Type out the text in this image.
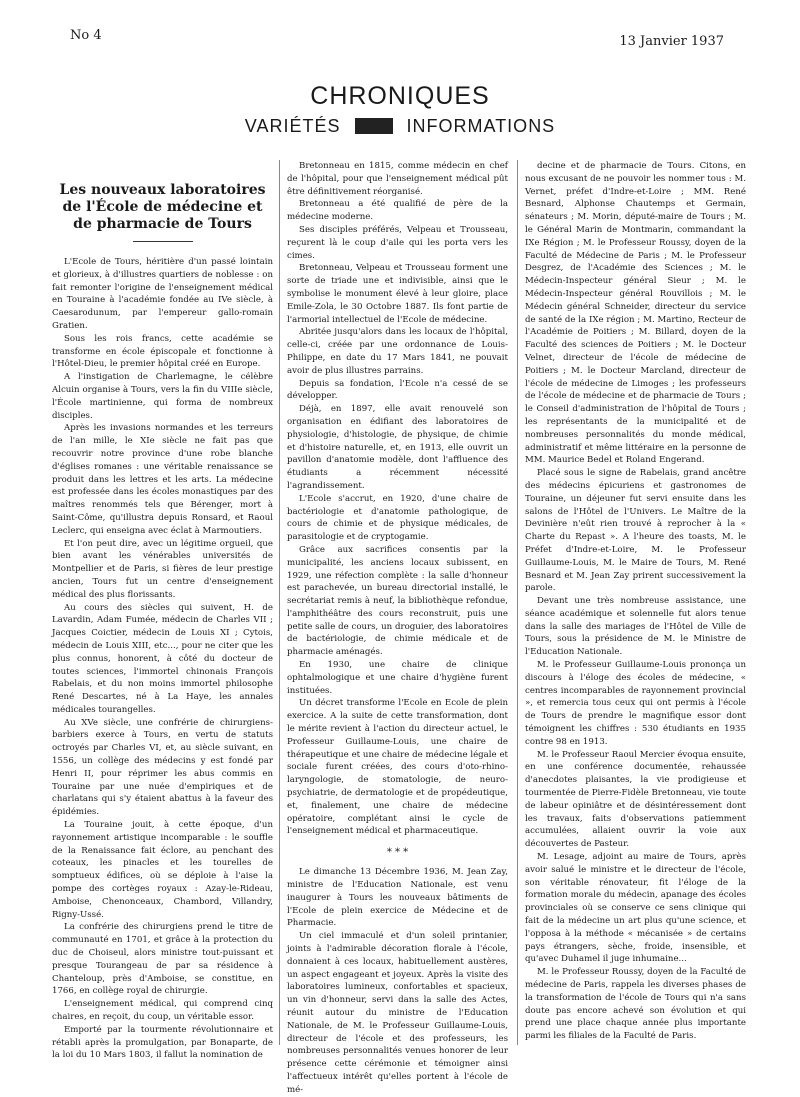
No 4	13 Janvier 1937
CHRONIQUES
VARIÉTÉS	INFORMATIONS
Les nouveaux laboratoires de l'École de médecine et de pharmacie de Tours

L'Ecole de Tours, héritière d'un passé lointain et glorieux, à d'illustres quartiers de noblesse : on fait remonter l'origine de l'enseignement médical en Touraine à l'académie fondée au IVe siècle, à Caesarodunum, par l'empereur gallo-romain Gratien.

Sous les rois francs, cette académie se transforme en école épiscopale et fonctionne à l'Hôtel-Dieu, le premier hôpital créé en Europe.

A l'instigation de Charlemagne, le célèbre Alcuin organise à Tours, vers la fin du VIIIe siècle, l'École martinienne, qui forma de nombreux disciples.

Après les invasions normandes et les terreurs de l'an mille, le XIe siècle ne fait pas que recouvrir notre province d'une robe blanche d'églises romanes : une véritable renaissance se produit dans les lettres et les arts. La médecine est professée dans les écoles monastiques par des maîtres renommés tels que Bérenger, mort à Saint-Côme, qu'illustra depuis Ronsard, et Raoul Leclerc, qui enseigna avec éclat à Marmoutiers.

Et l'on peut dire, avec un légitime orgueil, que bien avant les vénérables universités de Montpellier et de Paris, si fières de leur prestige ancien, Tours fut un centre d'enseignement médical des plus florissants.

Au cours des siècles qui suivent, H. de Lavardin, Adam Fumée, médecin de Charles VII ; Jacques Coictier, médecin de Louis XI ; Cytois, médecin de Louis XIII, etc..., pour ne citer que les plus connus, honorent, à côté du docteur de toutes sciences, l'immortel chinonais François Rabelais, et du non moins immortel philosophe René Descartes, né à La Haye, les annales médicales tourangelles.

Au XVe siècle, une confrérie de chirurgiens-barbiers exerce à Tours, en vertu de statuts octroyés par Charles VI, et, au siècle suivant, en 1556, un collège des médecins y est fondé par Henri II, pour réprimer les abus commis en Touraine par une nuée d'empiriques et de charlatans qui s'y étaient abattus à la faveur des épidémies.

La Touraine jouit, à cette époque, d'un rayonnement artistique incomparable : le souffle de la Renaissance fait éclore, au penchant des coteaux, les pinacles et les tourelles de somptueux édifices, où se déploie à l'aise la pompe des cortèges royaux : Azay-le-Rideau, Amboise, Chenonceaux, Chambord, Villandry, Rigny-Ussé.

La confrérie des chirurgiens prend le titre de communauté en 1701, et grâce à la protection du duc de Choiseul, alors ministre tout-puissant et presque Tourangeau de par sa résidence à Chanteloup, près d'Amboise, se constitue, en 1766, en collège royal de chirurgie.

L'enseignement médical, qui comprend cinq chaires, en reçoit, du coup, un véritable essor.

Emporté par la tourmente révolutionnaire et rétabli après la promulgation, par Bonaparte, de la loi du 10 Mars 1803, il fallut la nomination de

Bretonneau en 1815, comme médecin en chef de l'hôpital, pour que l'enseignement médical pût être définitivement réorganisé.

Bretonneau a été qualifié de père de la médecine moderne.

Ses disciples préférés, Velpeau et Trousseau, reçurent là le coup d'aile qui les porta vers les cimes.

Bretonneau, Velpeau et Trousseau forment une sorte de triade une et indivisible, ainsi que le symbolise le monument élevé à leur gloire, place Emile-Zola, le 30 Octobre 1887. Ils font partie de l'armorial intellectuel de l'Ecole de médecine.

Abritée jusqu'alors dans les locaux de l'hôpital, celle-ci, créée par une ordonnance de Louis-Philippe, en date du 17 Mars 1841, ne pouvait avoir de plus illustres parrains.

Depuis sa fondation, l'Ecole n'a cessé de se développer.

Déjà, en 1897, elle avait renouvelé son organisation en édifiant des laboratoires de physiologie, d'histologie, de physique, de chimie et d'histoire naturelle, et, en 1913, elle ouvrit un pavillon d'anatomie modèle, dont l'affluence des étudiants a récemment nécessité l'agrandissement.

L'Ecole s'accrut, en 1920, d'une chaire de bactériologie et d'anatomie pathologique, de cours de chimie et de physique médicales, de parasitologie et de cryptogamie.

Grâce aux sacrifices consentis par la municipalité, les anciens locaux subissent, en 1929, une réfection complète : la salle d'honneur est parachevée, un bureau directorial installé, le secrétariat remis à neuf, la bibliothèque refondue, l'amphithéâtre des cours reconstruit, puis une petite salle de cours, un droguier, des laboratoires de bactériologie, de chimie médicale et de pharmacie aménagés.

En 1930, une chaire de clinique ophtalmologique et une chaire d'hygiène furent instituées.

Un décret transforme l'Ecole en Ecole de plein exercice. A la suite de cette transformation, dont le mérite revient à l'action du directeur actuel, le Professeur Guillaume-Louis, une chaire de thérapeutique et une chaire de médecine légale et sociale furent créées, des cours d'oto-rhino-laryngologie, de stomatologie, de neuro-psychiatrie, de dermatologie et de propédeutique, et, finalement, une chaire de médecine opératoire, complétant ainsi le cycle de l'enseignement médical et pharmaceutique.

* * *

Le dimanche 13 Décembre 1936, M. Jean Zay, ministre de l'Education Nationale, est venu inaugurer à Tours les nouveaux bâtiments de l'Ecole de plein exercice de Médecine et de Pharmacie.

Un ciel immaculé et d'un soleil printanier, joints à l'admirable décoration florale à l'école, donnaient à ces locaux, habituellement austères, un aspect engageant et joyeux. Après la visite des laboratoires lumineux, confortables et spacieux, un vin d'honneur, servi dans la salle des Actes, réunit autour du ministre de l'Education Nationale, de M. le Professeur Guillaume-Louis, directeur de l'école et des professeurs, les nombreuses personnalités venues honorer de leur présence cette cérémonie et témoigner ainsi l'affectueux intérêt qu'elles portent à l'école de mé-

decine et de pharmacie de Tours. Citons, en nous excusant de ne pouvoir les nommer tous : M. Vernet, préfet d'Indre-et-Loire ; MM. René Besnard, Alphonse Chautemps et Germain, sénateurs ; M. Morin, député-maire de Tours ; M. le Général Marin de Montmarin, commandant la IXe Région ; M. le Professeur Roussy, doyen de la Faculté de Médecine de Paris ; M. le Professeur Desgrez, de l'Académie des Sciences ; M. le Médecin-Inspecteur général Sieur ; M. le Médecin-Inspecteur général Rouvillois ; M. le Médecin général Schneider, directeur du service de santé de la IXe région ; M. Martino, Recteur de l'Académie de Poitiers ; M. Billard, doyen de la Faculté des sciences de Poitiers ; M. le Docteur Velnet, directeur de l'école de médecine de Poitiers ; M. le Docteur Marcland, directeur de l'école de médecine de Limoges ; les professeurs de l'école de médecine et de pharmacie de Tours ; le Conseil d'administration de l'hôpital de Tours ; les représentants de la municipalité et de nombreuses personnalités du monde médical, administratif et même littéraire en la personne de MM. Maurice Bedel et Roland Engerand.

Placé sous le signe de Rabelais, grand ancêtre des médecins épicuriens et gastronomes de Touraine, un déjeuner fut servi ensuite dans les salons de l'Hôtel de l'Univers. Le Maître de la Devinière n'eût rien trouvé à reprocher à la « Charte du Repast ». A l'heure des toasts, M. le Préfet d'Indre-et-Loire, M. le Professeur Guillaume-Louis, M. le Maire de Tours, M. René Besnard et M. Jean Zay prirent successivement la parole.

Devant une très nombreuse assistance, une séance académique et solennelle fut alors tenue dans la salle des mariages de l'Hôtel de Ville de Tours, sous la présidence de M. le Ministre de l'Education Nationale.

M. le Professeur Guillaume-Louis prononça un discours à l'éloge des écoles de médecine, « centres incomparables de rayonnement provincial », et remercia tous ceux qui ont permis à l'école de Tours de prendre le magnifique essor dont témoignent les chiffres : 530 étudiants en 1935 contre 98 en 1913.

M. le Professeur Raoul Mercier évoqua ensuite, en une conférence documentée, rehaussée d'anecdotes plaisantes, la vie prodigieuse et tourmentée de Pierre-Fidèle Bretonneau, vie toute de labeur opiniâtre et de désintéressement dont les travaux, faits d'observations patiemment accumulées, allaient ouvrir la voie aux découvertes de Pasteur.

M. Lesage, adjoint au maire de Tours, après avoir salué le ministre et le directeur de l'école, son véritable rénovateur, fit l'éloge de la formation morale du médecin, apanage des écoles provinciales où se conserve ce sens clinique qui fait de la médecine un art plus qu'une science, et l'opposa à la méthode « mécanisée » de certains pays étrangers, sèche, froide, insensible, et qu'avec Duhamel il juge inhumaine...

M. le Professeur Roussy, doyen de la Faculté de médecine de Paris, rappela les diverses phases de la transformation de l'école de Tours qui n'a sans doute pas encore achevé son évolution et qui prend une place chaque année plus importante parmi les filiales de la Faculté de Paris.
